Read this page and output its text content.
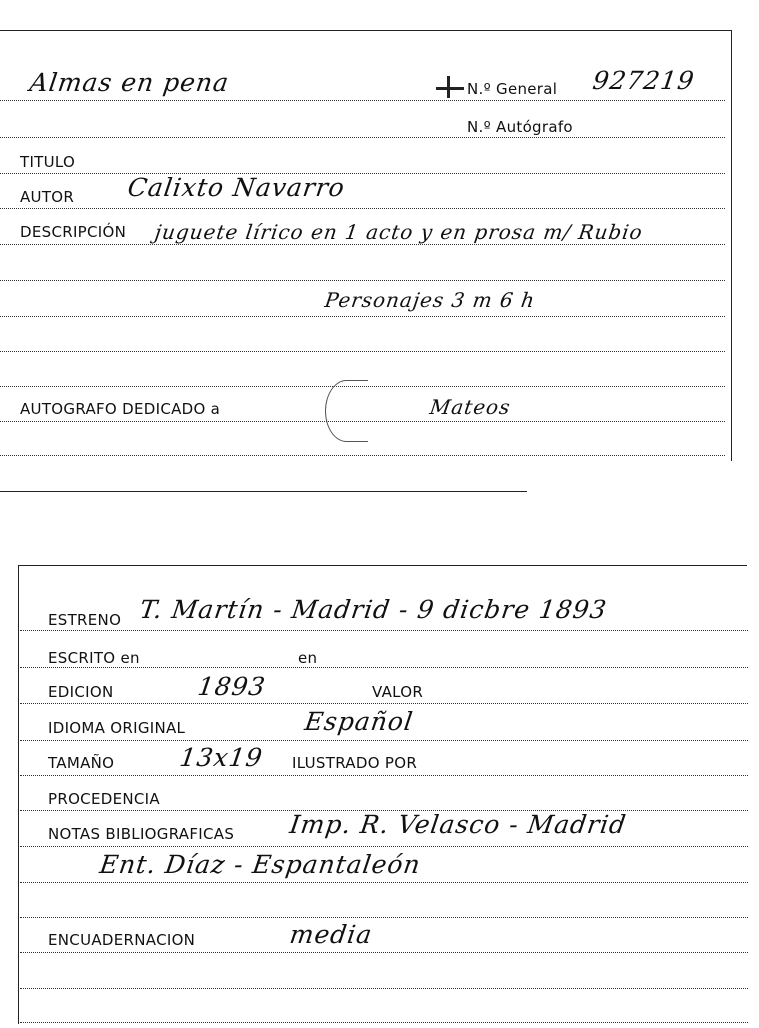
Almas en pena	N.º General 927219
N.º Autógrafo
TITULO
AUTOR Calixto Navarro
DESCRIPCIÓN juguete lírico en 1 acto y en prosa m/ Rubio
Personajes 3 m 6 h
AUTOGRAFO DEDICADO a	Mateos
ESTRENO T. Martín - Madrid - 9 dicbre 1893
ESCRITO en	en
EDICION	1893	VALOR
IDIOMA ORIGINAL	Español
TAMAÑO	13x19 ILUSTRADO POR
PROCEDENCIA
NOTAS BIBLIOGRAFICAS Imp. R. Velasco - Madrid
Ent. Díaz - Espantaleón
ENCUADERNACION	media
